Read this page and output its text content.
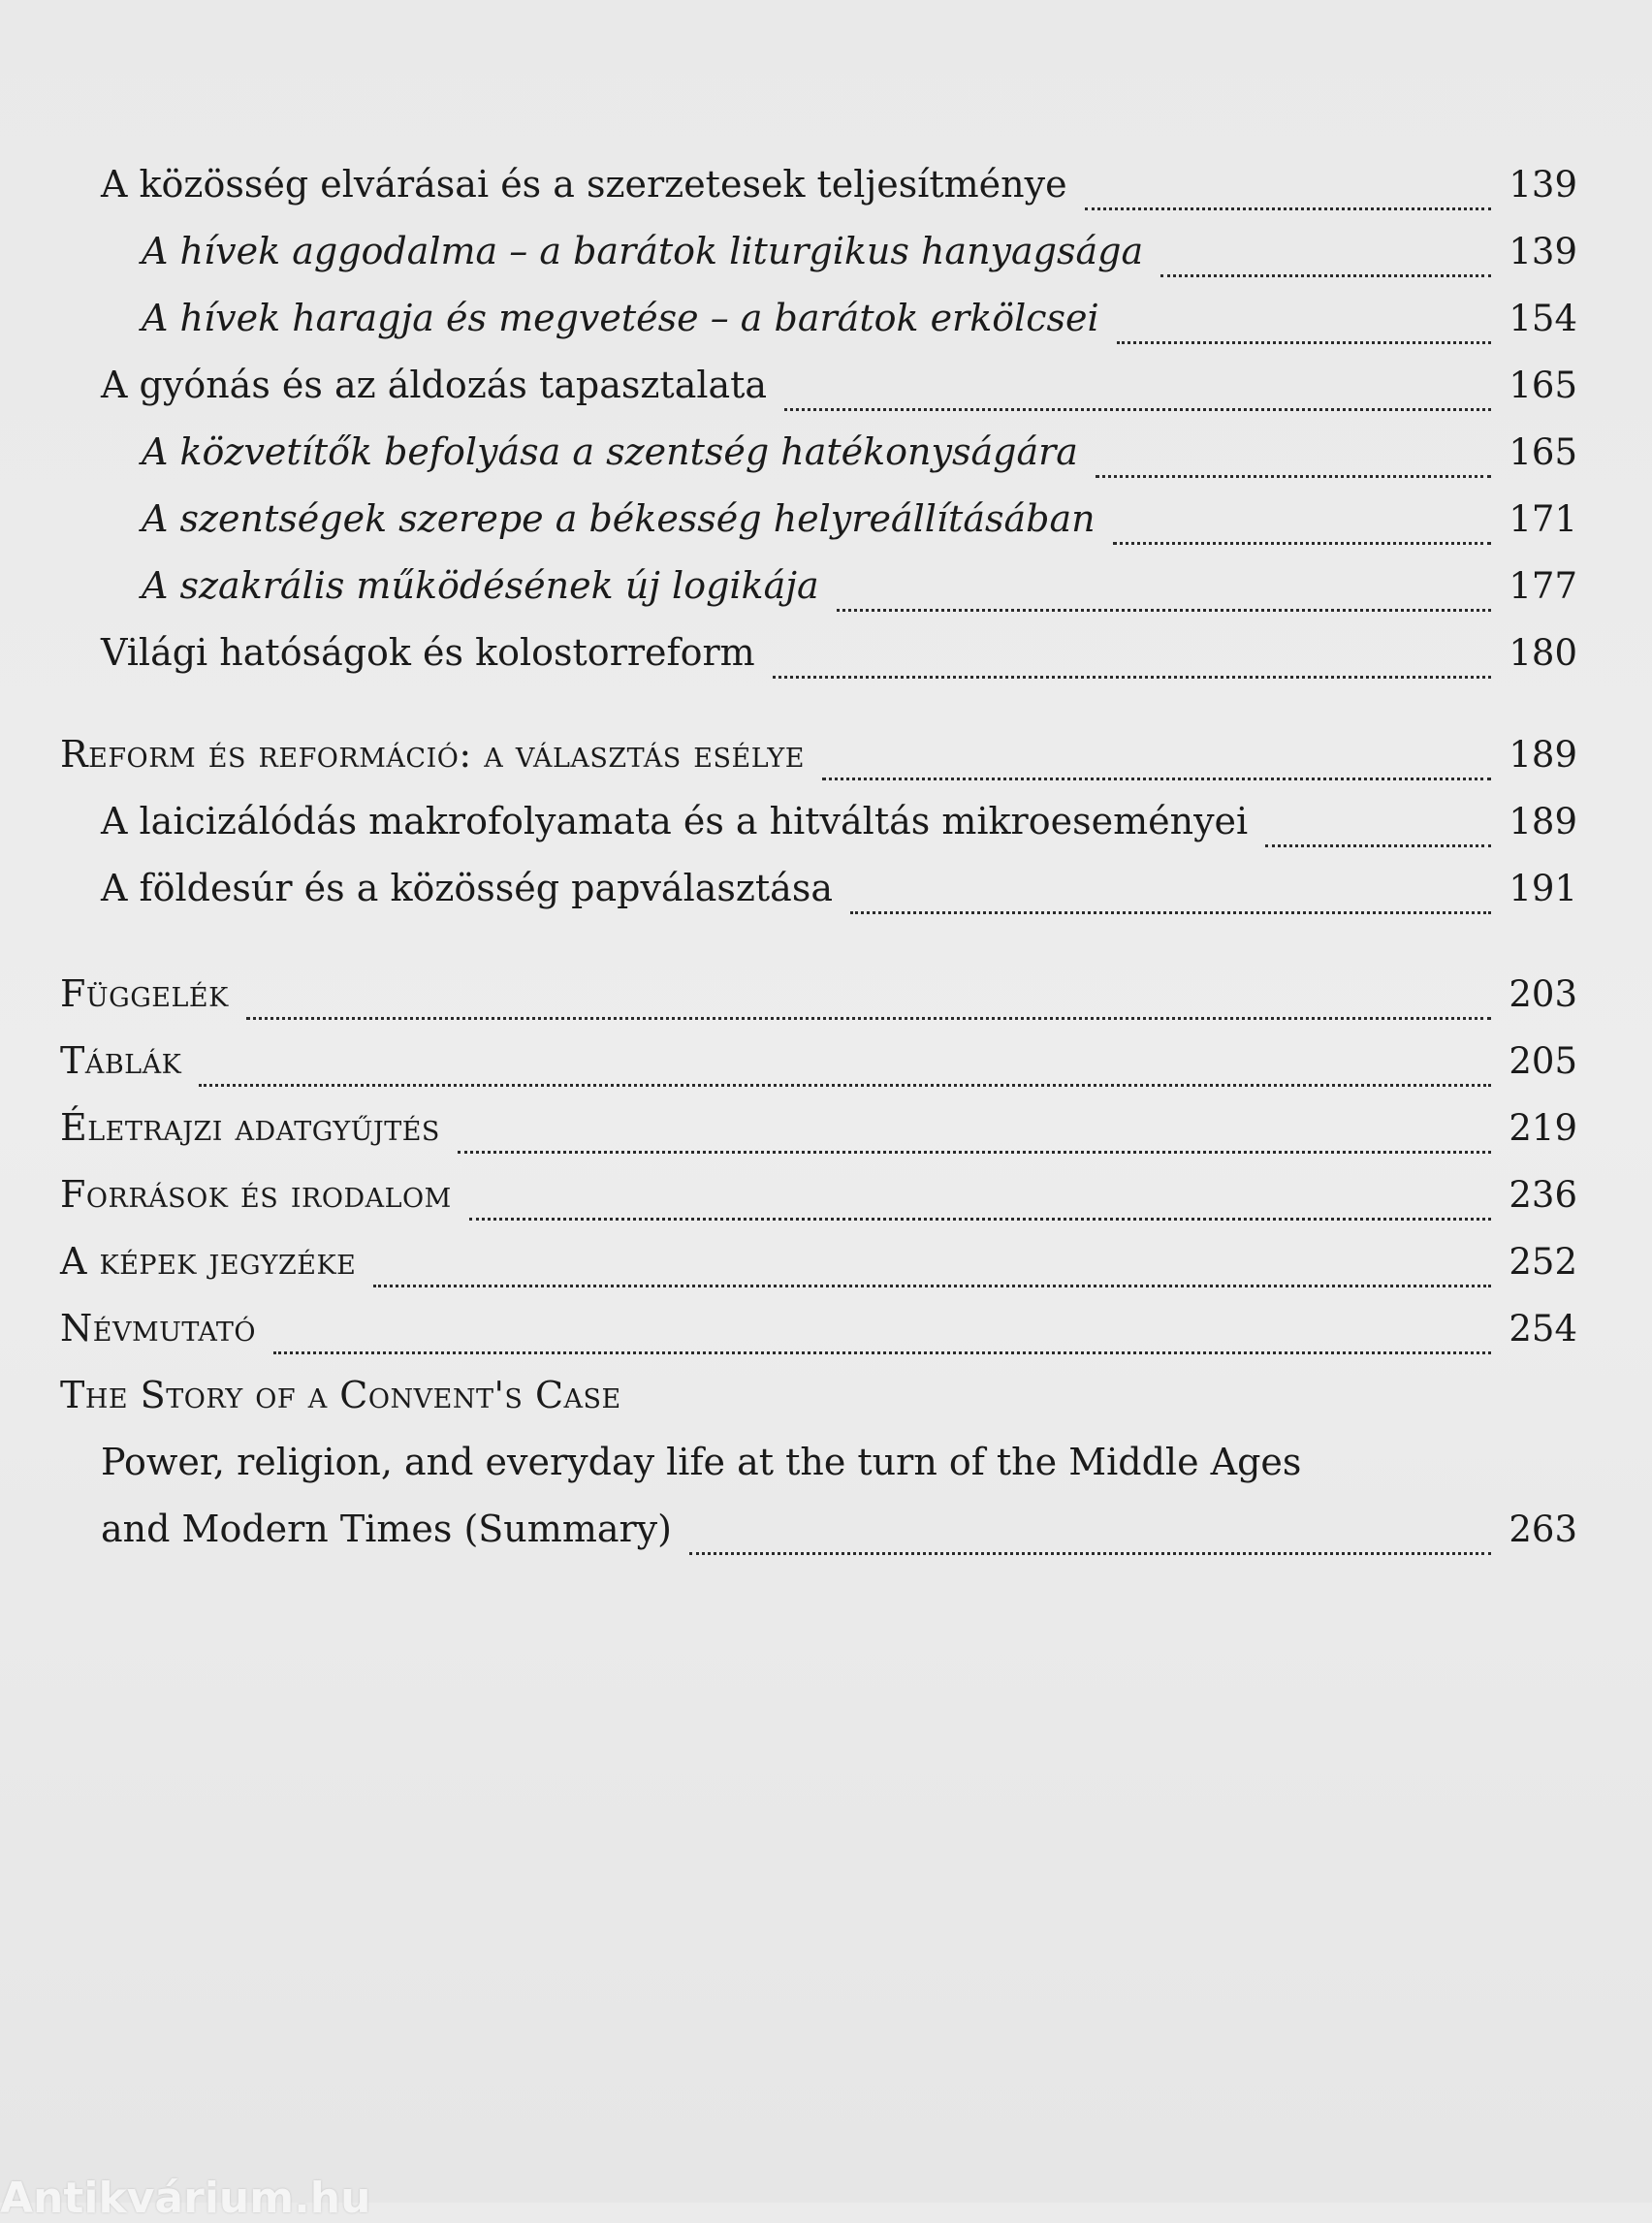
A közösség elvárásai és a szerzetesek teljesítménye	139
A hívek aggodalma – a barátok liturgikus hanyagsága	139
A hívek haragja és megvetése – a barátok erkölcsei	154
A gyónás és az áldozás tapasztalata	165
A közvetítők befolyása a szentség hatékonyságára	165
A szentségek szerepe a békesség helyreállításában	171
A szakrális működésének új logikája	177
Világi hatóságok és kolostorreform	180
Reform és reformáció: a választás esélye	189
A laicizálódás makrofolyamata és a hitváltás mikroeseményei	189
A földesúr és a közösség papválasztása	191
Függelék	203
Táblák	205
Életrajzi adatgyűjtés	219
Források és irodalom	236
A képek jegyzéke	252
Névmutató	254
The Story of a Convent's Case
Power, religion, and everyday life at the turn of the Middle Ages
and Modern Times (Summary)	263
Antikvárium.hu
